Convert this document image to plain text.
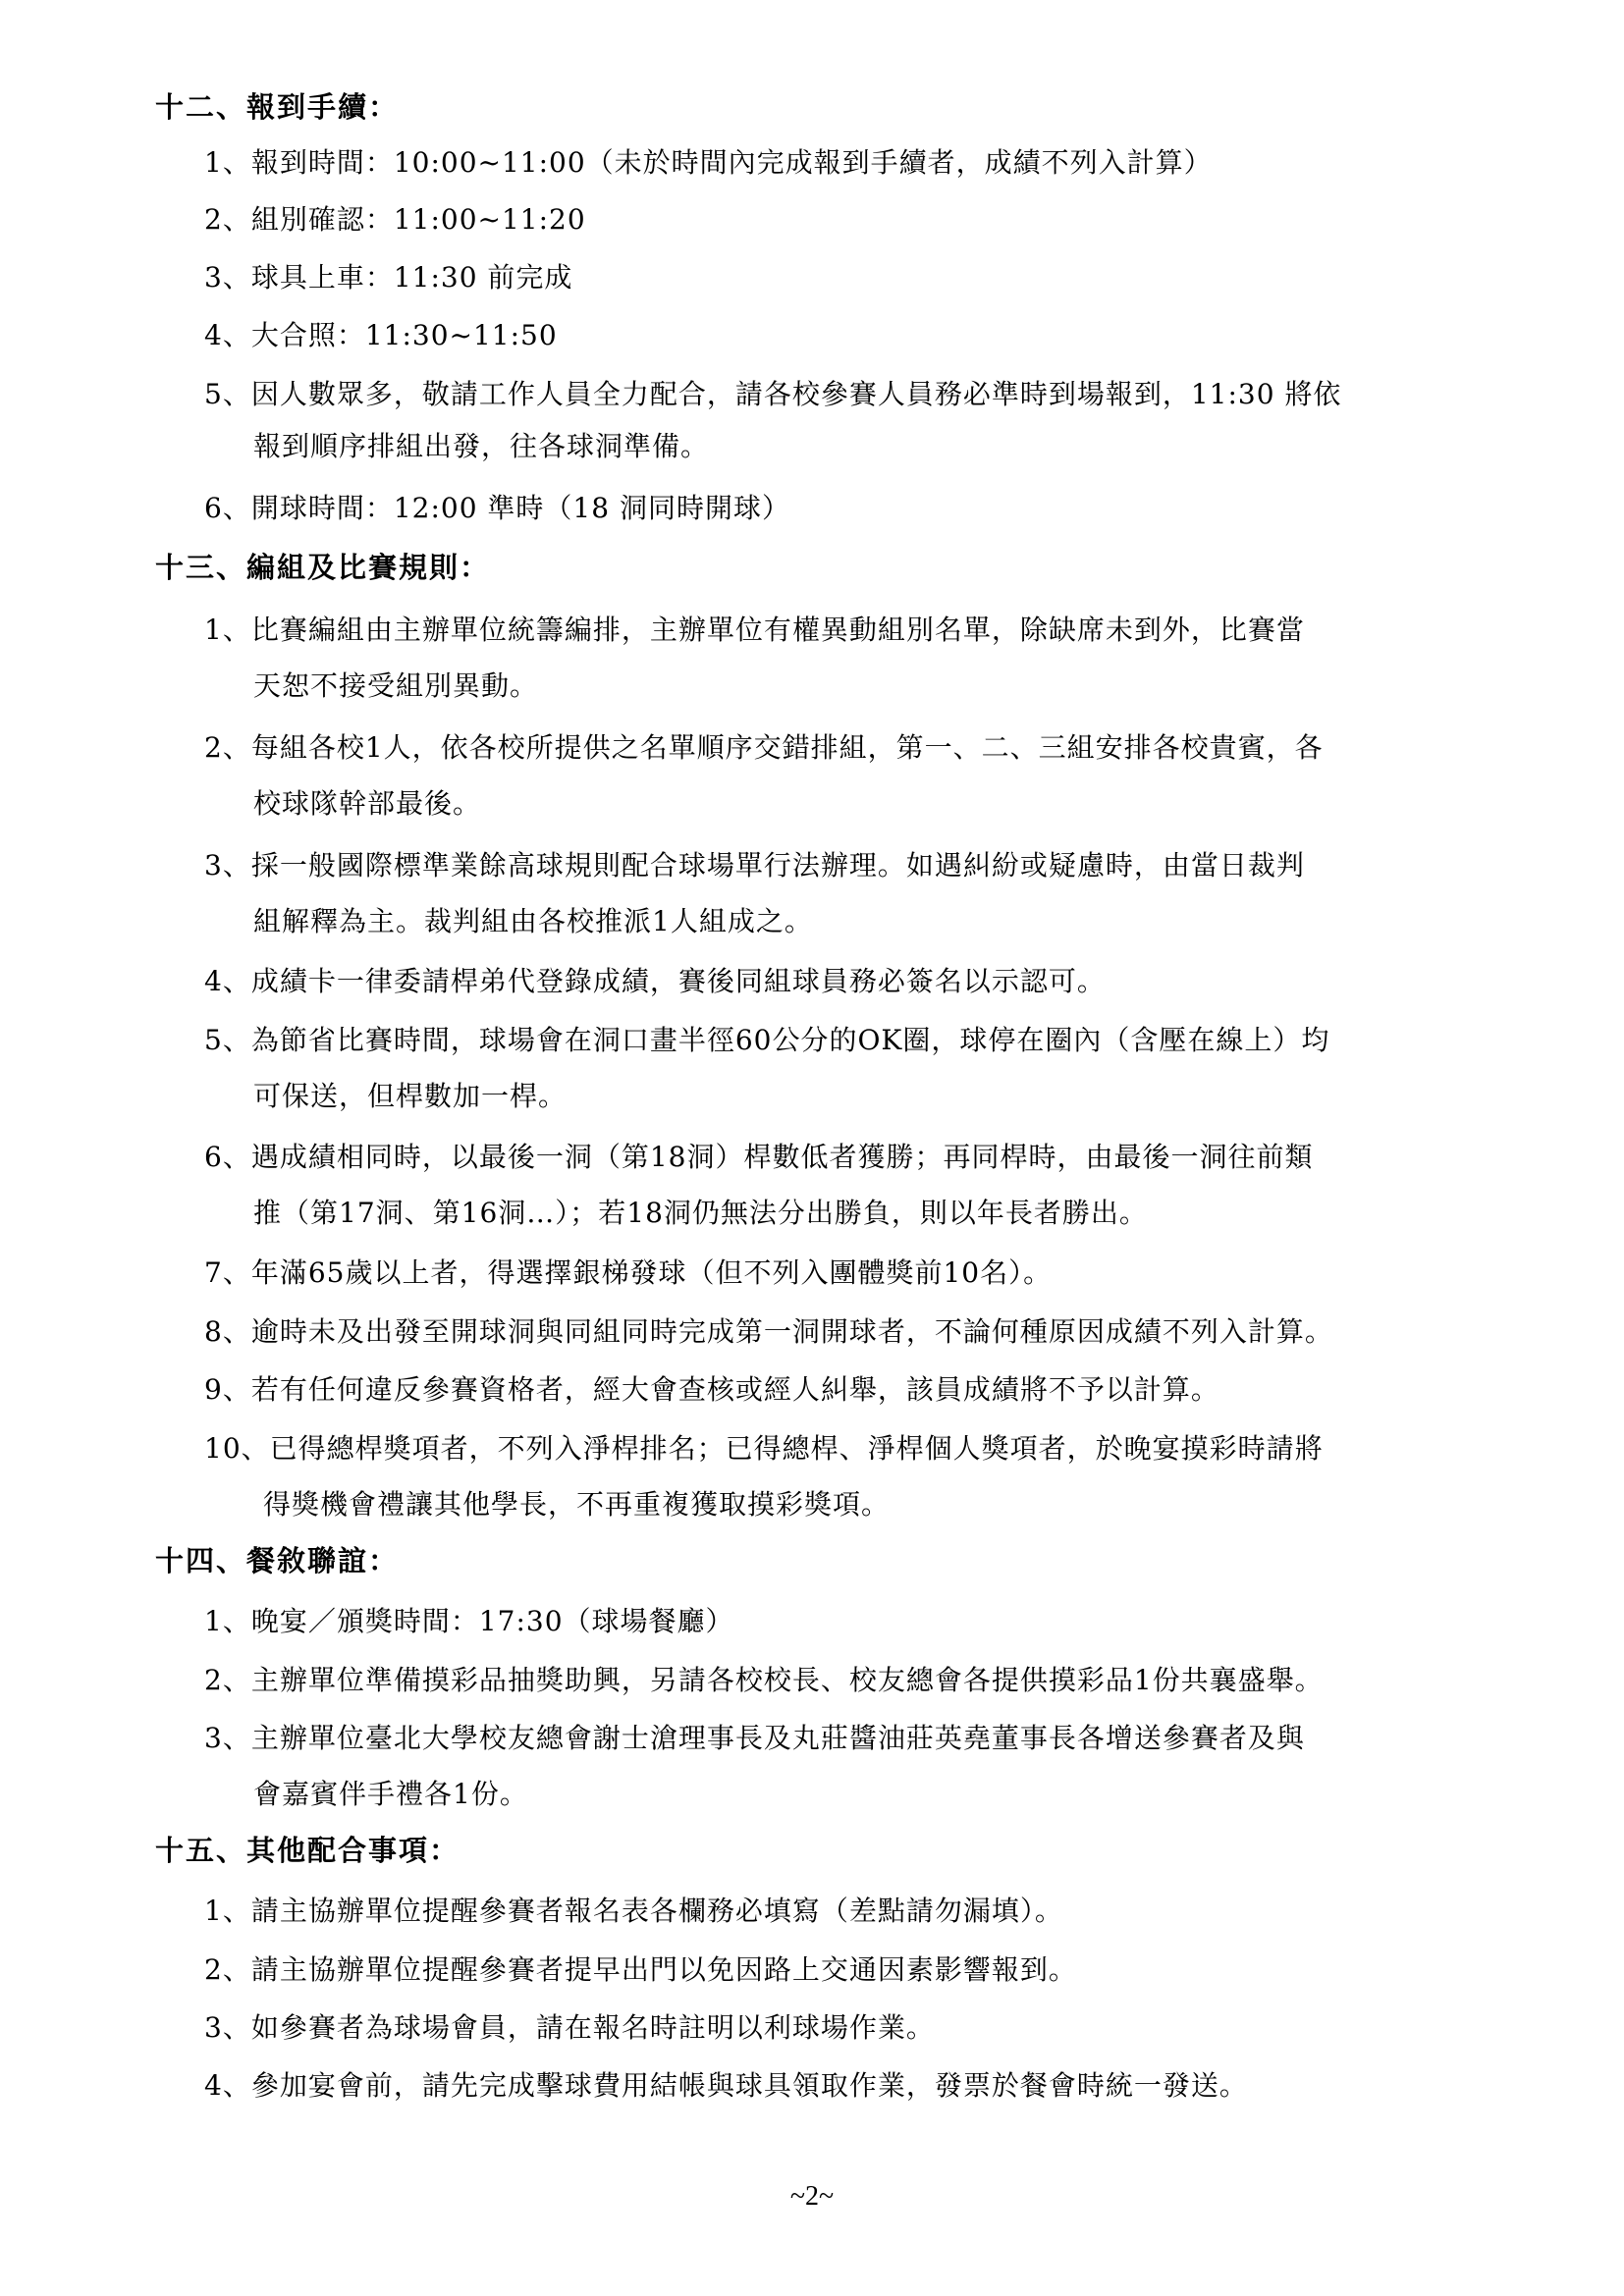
十二、報到手續：
1、報到時間：10:00~11:00（未於時間內完成報到手續者，成績不列入計算）
2、組別確認：11:00~11:20
3、球具上車：11:30 前完成
4、大合照：11:30~11:50
5、因人數眾多，敬請工作人員全力配合，請各校參賽人員務必準時到場報到，11:30 將依
報到順序排組出發，往各球洞準備。
6、開球時間：12:00 準時（18 洞同時開球）
十三、編組及比賽規則：
1、比賽編組由主辦單位統籌編排，主辦單位有權異動組別名單，除缺席未到外，比賽當
天恕不接受組別異動。
2、每組各校1人，依各校所提供之名單順序交錯排組，第一、二、三組安排各校貴賓，各
校球隊幹部最後。
3、採一般國際標準業餘高球規則配合球場單行法辦理。如遇糾紛或疑慮時，由當日裁判
組解釋為主。裁判組由各校推派1人組成之。
4、成績卡一律委請桿弟代登錄成績，賽後同組球員務必簽名以示認可。
5、為節省比賽時間，球場會在洞口畫半徑60公分的OK圈，球停在圈內（含壓在線上）均
可保送，但桿數加一桿。
6、遇成績相同時，以最後一洞（第18洞）桿數低者獲勝；再同桿時，由最後一洞往前類
推（第17洞、第16洞…）；若18洞仍無法分出勝負，則以年長者勝出。
7、年滿65歲以上者，得選擇銀梯發球（但不列入團體獎前10名）。
8、逾時未及出發至開球洞與同組同時完成第一洞開球者，不論何種原因成績不列入計算。
9、若有任何違反參賽資格者，經大會查核或經人糾舉，該員成績將不予以計算。
10、已得總桿獎項者，不列入淨桿排名；已得總桿、淨桿個人獎項者，於晚宴摸彩時請將
得獎機會禮讓其他學長，不再重複獲取摸彩獎項。
十四、餐敘聯誼：
1、晚宴／頒獎時間：17:30（球場餐廳）
2、主辦單位準備摸彩品抽獎助興，另請各校校長、校友總會各提供摸彩品1份共襄盛舉。
3、主辦單位臺北大學校友總會謝士滄理事長及丸莊醬油莊英堯董事長各增送參賽者及與
會嘉賓伴手禮各1份。
十五、其他配合事項：
1、請主協辦單位提醒參賽者報名表各欄務必填寫（差點請勿漏填）。
2、請主協辦單位提醒參賽者提早出門以免因路上交通因素影響報到。
3、如參賽者為球場會員，請在報名時註明以利球場作業。
4、參加宴會前，請先完成擊球費用結帳與球具領取作業，發票於餐會時統一發送。
~2~
